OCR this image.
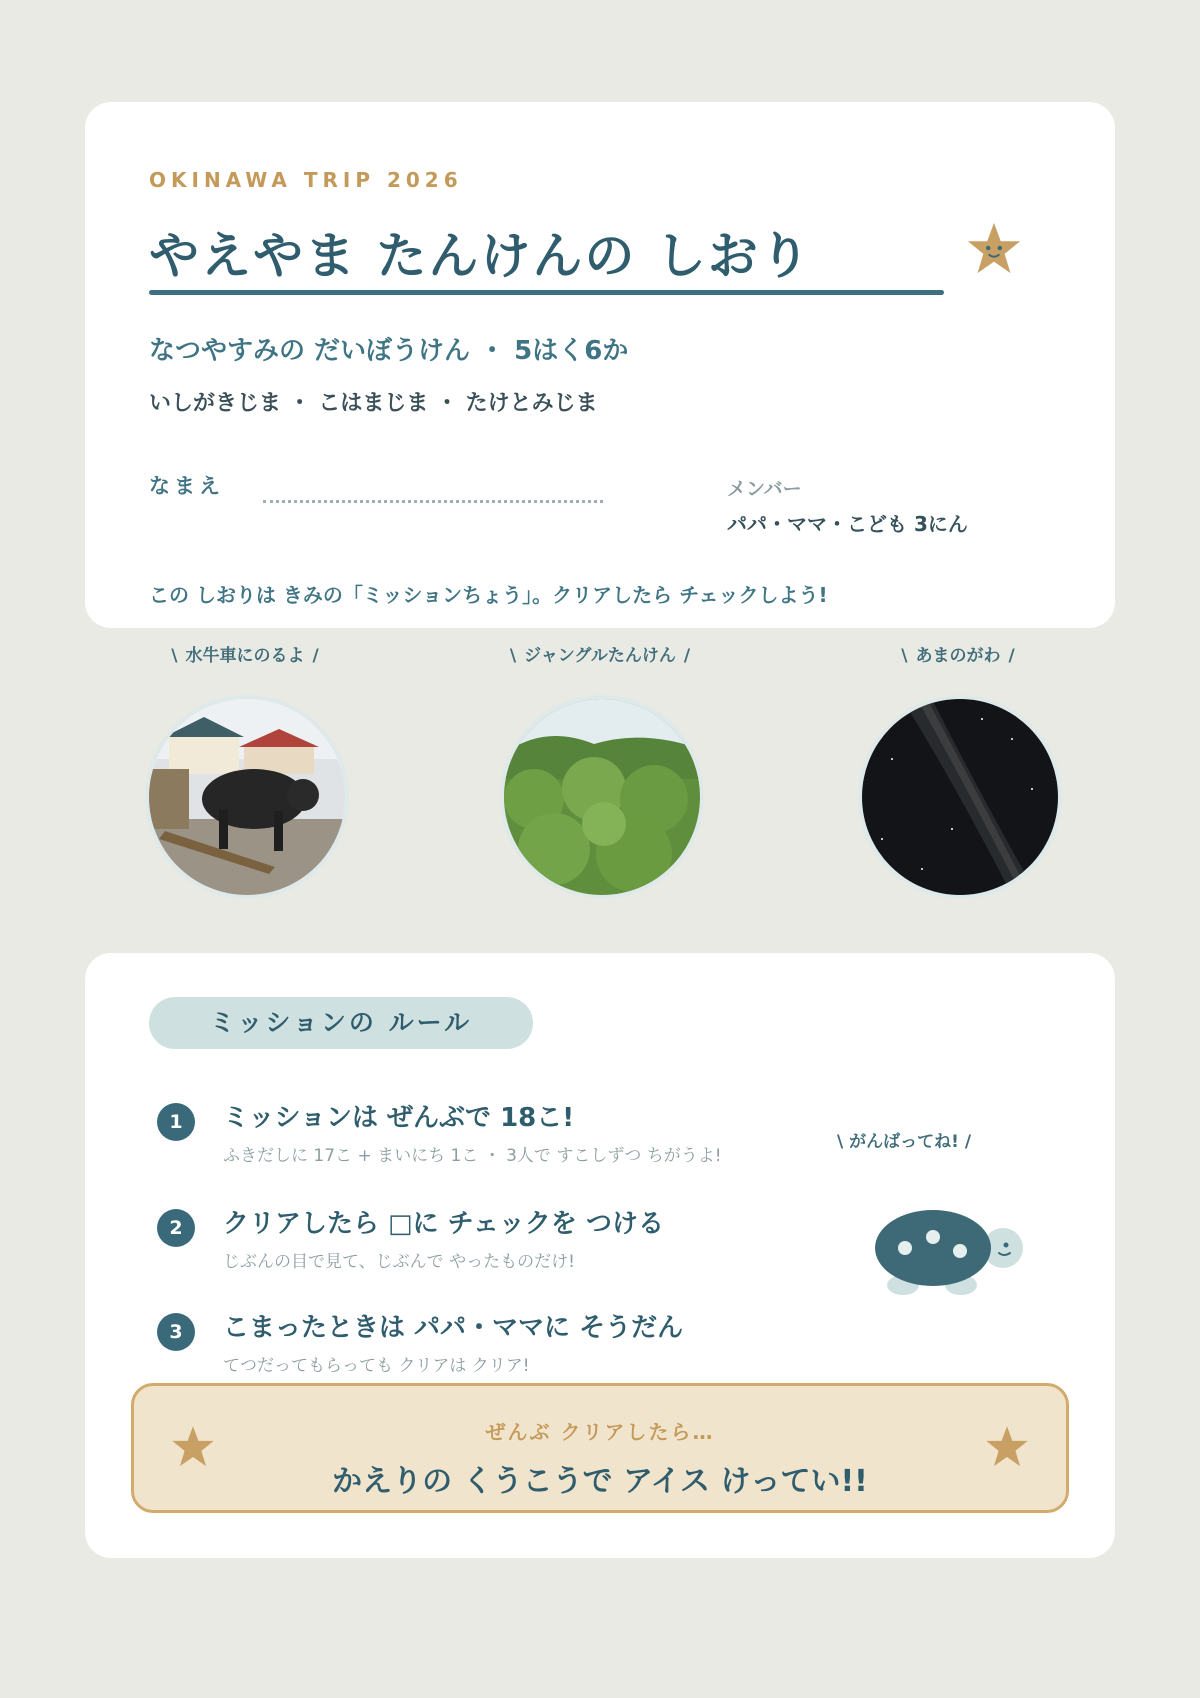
OKINAWA TRIP 2026
やえやま たんけんの しおり
なつやすみの だいぼうけん ・ 5はく6か
いしがきじま ・ こはまじま ・ たけとみじま
なまえ	メンバー
パパ・ママ・こども 3にん
この しおりは きみの「ミッションちょう」。クリアしたら チェックしよう!
\ 水牛車にのるよ /	\ ジャングルたんけん /	\ あまのがわ /
ミッションの ルール
1	ミッションは ぜんぶで 18こ!
ふきだしに 17こ + まいにち 1こ ・ 3人で すこしずつ ちがうよ!
2	クリアしたら □に チェックを つける
じぶんの目で見て、じぶんで やったものだけ!
3	こまったときは パパ・ママに そうだん
てつだってもらっても クリアは クリア!
\ がんばってね! /
ぜんぶ クリアしたら…
かえりの くうこうで アイス けってい!!
